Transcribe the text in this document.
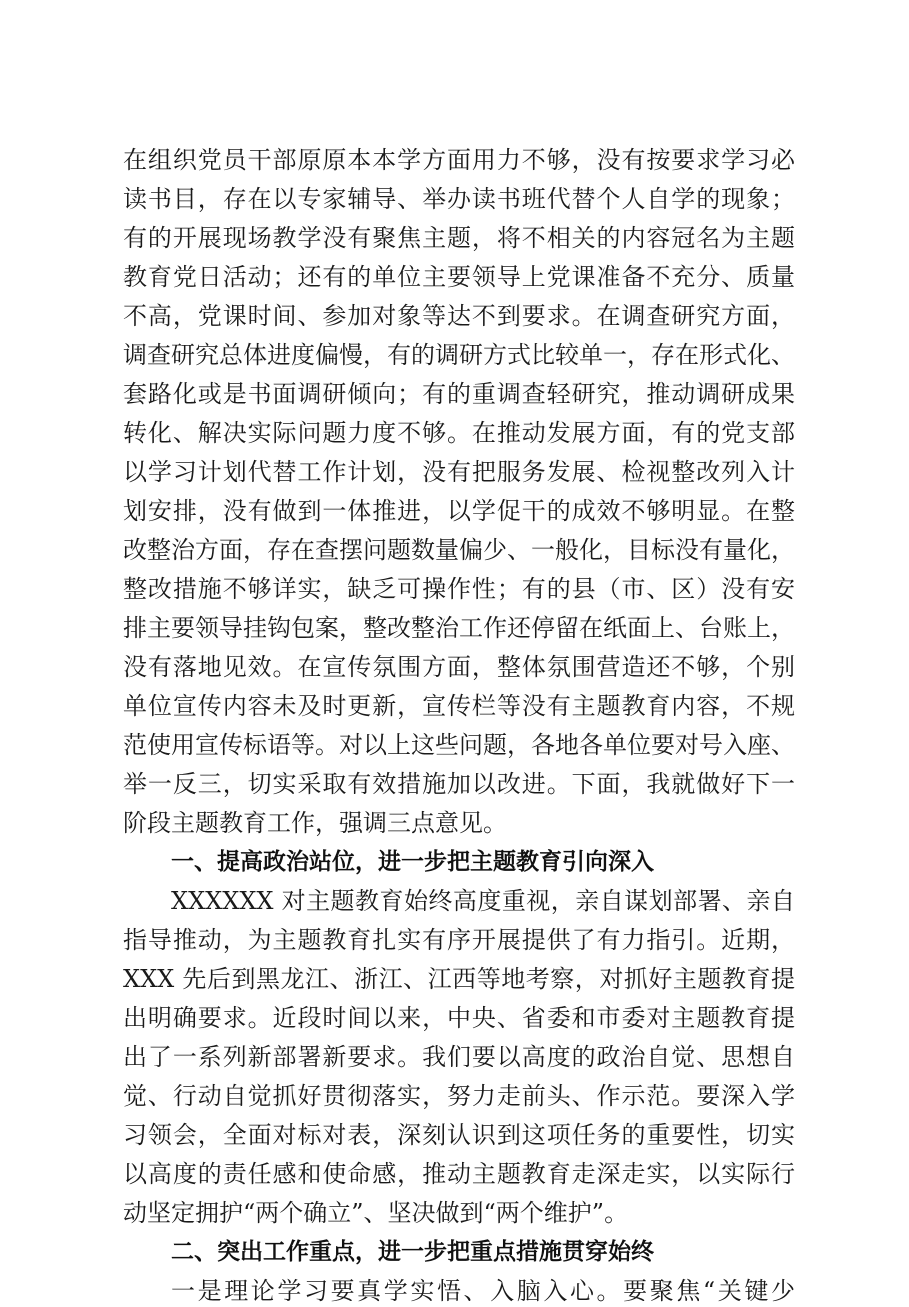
在组织党员干部原原本本学方面用力不够，没有按要求学习必
读书目，存在以专家辅导、举办读书班代替个人自学的现象；
有的开展现场教学没有聚焦主题，将不相关的内容冠名为主题
教育党日活动；还有的单位主要领导上党课准备不充分、质量
不高，党课时间、参加对象等达不到要求。在调查研究方面，
调查研究总体进度偏慢，有的调研方式比较单一，存在形式化、
套路化或是书面调研倾向；有的重调查轻研究，推动调研成果
转化、解决实际问题力度不够。在推动发展方面，有的党支部
以学习计划代替工作计划，没有把服务发展、检视整改列入计
划安排，没有做到一体推进，以学促干的成效不够明显。在整
改整治方面，存在查摆问题数量偏少、一般化，目标没有量化，
整改措施不够详实，缺乏可操作性；有的县（市、区）没有安
排主要领导挂钩包案，整改整治工作还停留在纸面上、台账上，
没有落地见效。在宣传氛围方面，整体氛围营造还不够，个别
单位宣传内容未及时更新，宣传栏等没有主题教育内容，不规
范使用宣传标语等。对以上这些问题，各地各单位要对号入座、
举一反三，切实采取有效措施加以改进。下面，我就做好下一
阶段主题教育工作，强调三点意见。
一、提高政治站位，进一步把主题教育引向深入
XXXXXX 对主题教育始终高度重视，亲自谋划部署、亲自
指导推动，为主题教育扎实有序开展提供了有力指引。近期，
XXX 先后到黑龙江、浙江、江西等地考察，对抓好主题教育提
出明确要求。近段时间以来，中央、省委和市委对主题教育提
出了一系列新部署新要求。我们要以高度的政治自觉、思想自
觉、行动自觉抓好贯彻落实，努力走前头、作示范。要深入学
习领会，全面对标对表，深刻认识到这项任务的重要性，切实
以高度的责任感和使命感，推动主题教育走深走实，以实际行
动坚定拥护“两个确立”、坚决做到“两个维护”。
二、突出工作重点，进一步把重点措施贯穿始终
一是理论学习要真学实悟、入脑入心。要聚焦“关键少
